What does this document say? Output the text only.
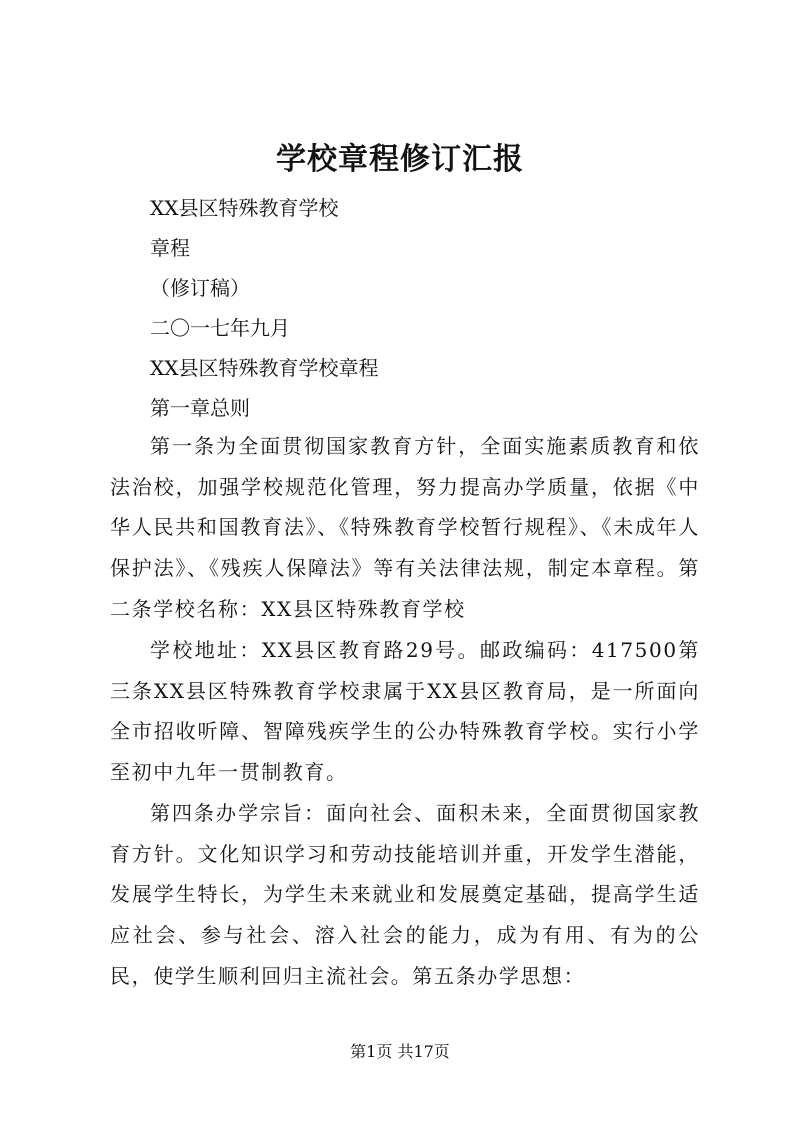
学校章程修订汇报

XX县区特殊教育学校

章程

（修订稿）

二〇一七年九月

XX县区特殊教育学校章程

第一章总则

第一条为全面贯彻国家教育方针，全面实施素质教育和依法治校，加强学校规范化管理，努力提高办学质量，依据《中华人民共和国教育法》、《特殊教育学校暂行规程》、《未成年人保护法》、《残疾人保障法》等有关法律法规，制定本章程。第二条学校名称：XX县区特殊教育学校

学校地址：XX县区教育路29号。邮政编码：417500第三条XX县区特殊教育学校隶属于XX县区教育局，是一所面向全市招收听障、智障残疾学生的公办特殊教育学校。实行小学至初中九年一贯制教育。

第四条办学宗旨：面向社会、面积未来，全面贯彻国家教育方针。文化知识学习和劳动技能培训并重，开发学生潜能，发展学生特长，为学生未来就业和发展奠定基础，提高学生适应社会、参与社会、溶入社会的能力，成为有用、有为的公民，使学生顺利回归主流社会。第五条办学思想：

第1页 共17页
